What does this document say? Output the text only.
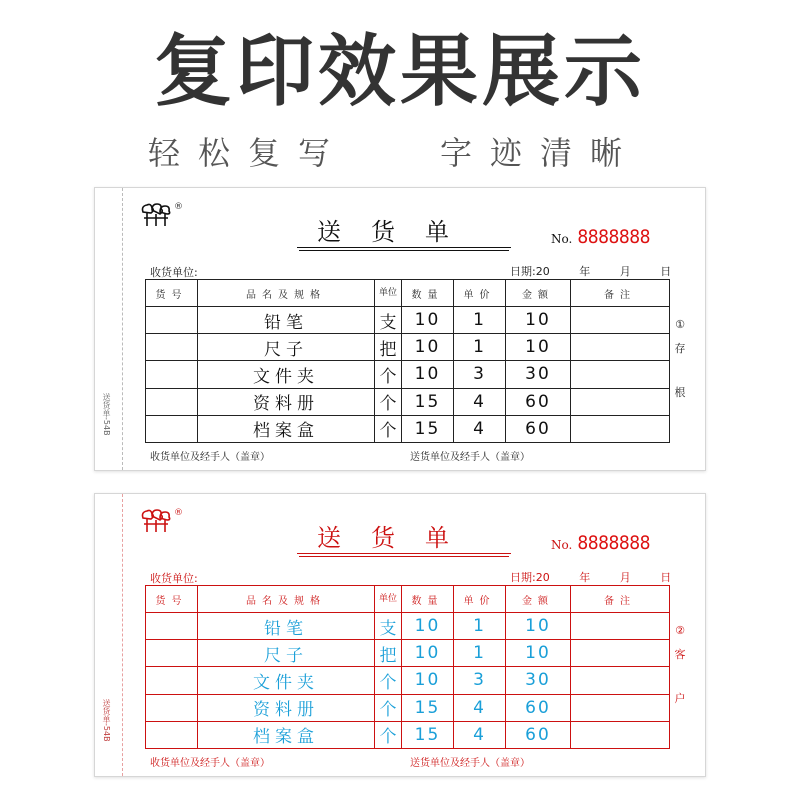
复印效果展示
轻松复写	字迹清晰
送货单-54B
®
送货单	No. 8888888
收货单位:	日期:20	年	月	日
货号	品名及规格	单位	数量	单价	金额	备注
	铅笔	支	10	1	10	
	尺子	把	10	1	10	
	文件夹	个	10	3	30	
	资料册	个	15	4	60	
	档案盒	个	15	4	60	
①
存
根
收货单位及经手人（盖章）	送货单位及经手人（盖章）
送货单-54B
®
送货单	No. 8888888
收货单位:	日期:20	年	月	日
货号	品名及规格	单位	数量	单价	金额	备注
	铅笔	支	10	1	10	
	尺子	把	10	1	10	
	文件夹	个	10	3	30	
	资料册	个	15	4	60	
	档案盒	个	15	4	60	
②
客
户
收货单位及经手人（盖章）	送货单位及经手人（盖章）
